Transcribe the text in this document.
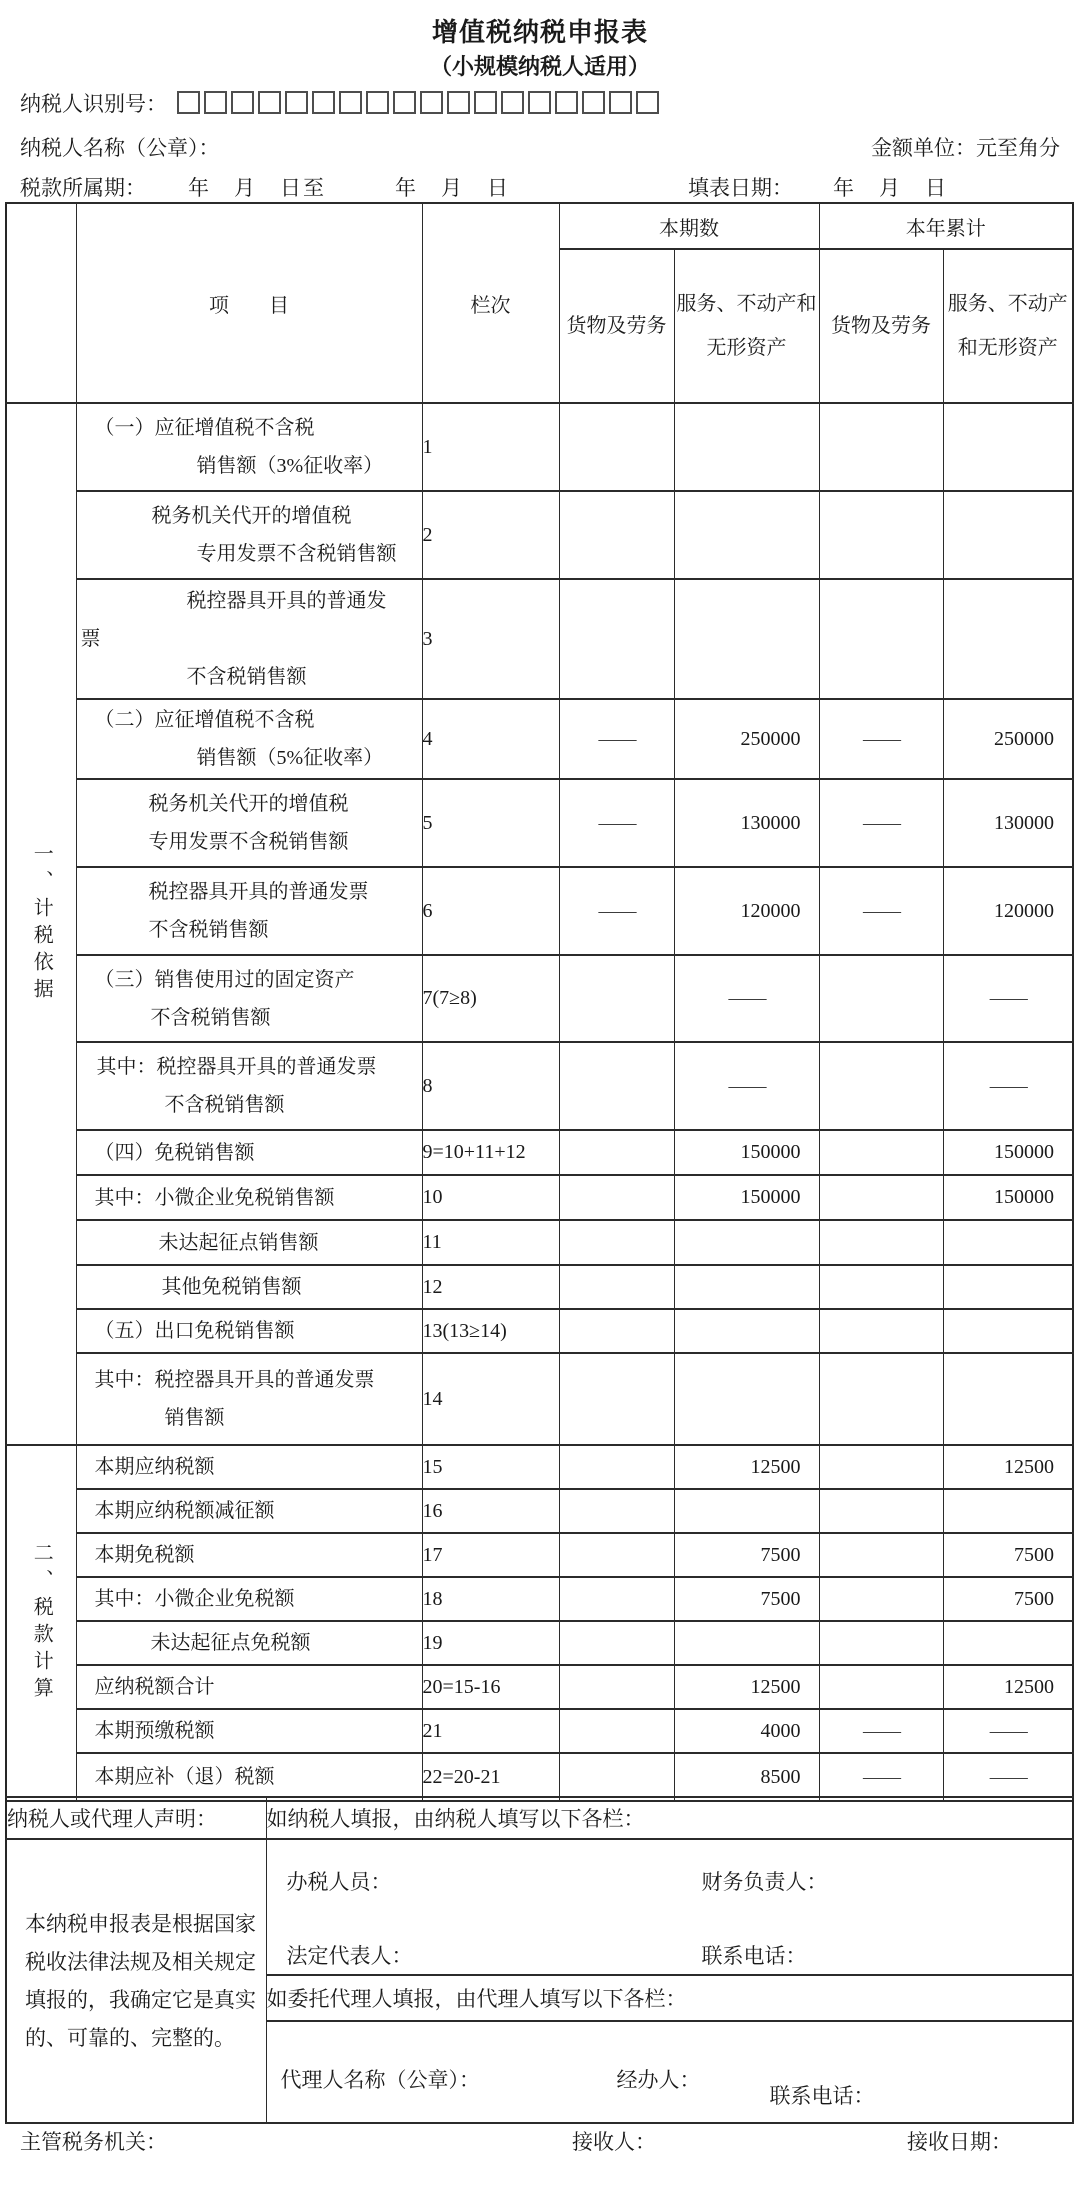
增值税纳税申报表
（小规模纳税人适用）
纳税人识别号：
纳税人名称（公章）：	金额单位：元至角分
税款所属期： 年　月　日至　　　年　月　日	填表日期： 年　月　日
	项　　目	栏次	本期数		本年累计	
			货物及劳务	服务、不动产和无形资产	货物及劳务	服务、不动产和无形资产

一、计税依据	（一）应征增值税不含税
销售额（3%征收率）	1				

	税务机关代开的增值税
专用发票不含税销售额	2				

	税控器具开具的普通发
票
不含税销售额	3				

	（二）应征增值税不含税
销售额（5%征收率）	4	——	250000	——	250000

	税务机关代开的增值税
专用发票不含税销售额	5	——	130000	——	130000

	税控器具开具的普通发票
不含税销售额	6	——	120000	——	120000

	（三）销售使用过的固定资产
不含税销售额	7(7≥8)		——		——

	其中：税控器具开具的普通发票
不含税销售额	8		——		——

	（四）免税销售额	9=10+11+12		150000		150000

	其中：小微企业免税销售额	10		150000		150000

	未达起征点销售额	11				

	其他免税销售额	12				

	（五）出口免税销售额	13(13≥14)				

	其中：税控器具开具的普通发票
销售额	14				

二、税款计算	本期应纳税额	15		12500		12500

	本期应纳税额减征额	16				

	本期免税额	17		7500		7500

	其中：小微企业免税额	18		7500		7500

	未达起征点免税额	19				

	应纳税额合计	20=15-16		12500		12500

	本期预缴税额	21		4000	——	——

	本期应补（退）税额	22=20-21		8500	——	——
纳税人或代理人声明：	如纳税人填报，由纳税人填写以下各栏：

本纳税申报表是根据国家
税收法律法规及相关规定
填报的，我确定它是真实
的、可靠的、完整的。

办税人员：	财务负责人：
法定代表人：	联系电话：

	如委托代理人填报，由代理人填写以下各栏：

	代理人名称（公章）： 经办人：
联系电话：
主管税务机关：	接收人：	接收日期：
